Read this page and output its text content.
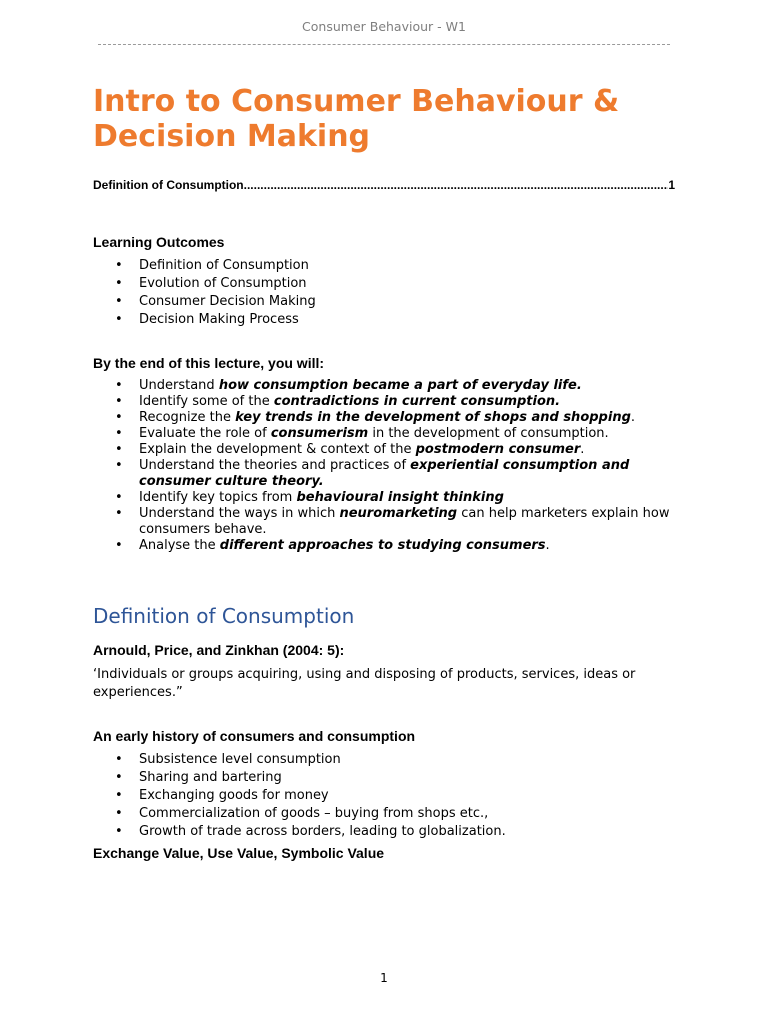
Consumer Behaviour - W1
Intro to Consumer Behaviour & Decision Making
Definition of Consumption
.....	1
Learning Outcomes
• Definition of Consumption
• Evolution of Consumption
• Consumer Decision Making
• Decision Making Process
By the end of this lecture, you will:
• Understand how consumption became a part of everyday life.
• Identify some of the contradictions in current consumption.
• Recognize the key trends in the development of shops and shopping.
• Evaluate the role of consumerism in the development of consumption.
• Explain the development & context of the postmodern consumer.
• Understand the theories and practices of experiential consumption and consumer culture theory.
• Identify key topics from behavioural insight thinking
• Understand the ways in which neuromarketing can help marketers explain how consumers behave.
• Analyse the different approaches to studying consumers.
Definition of Consumption
Arnould, Price, and Zinkhan (2004: 5):

‘Individuals or groups acquiring, using and disposing of products, services, ideas or experiences.”

An early history of consumers and consumption
• Subsistence level consumption
• Sharing and bartering
• Exchanging goods for money
• Commercialization of goods – buying from shops etc.,
• Growth of trade across borders, leading to globalization.
Exchange Value, Use Value, Symbolic Value
1
